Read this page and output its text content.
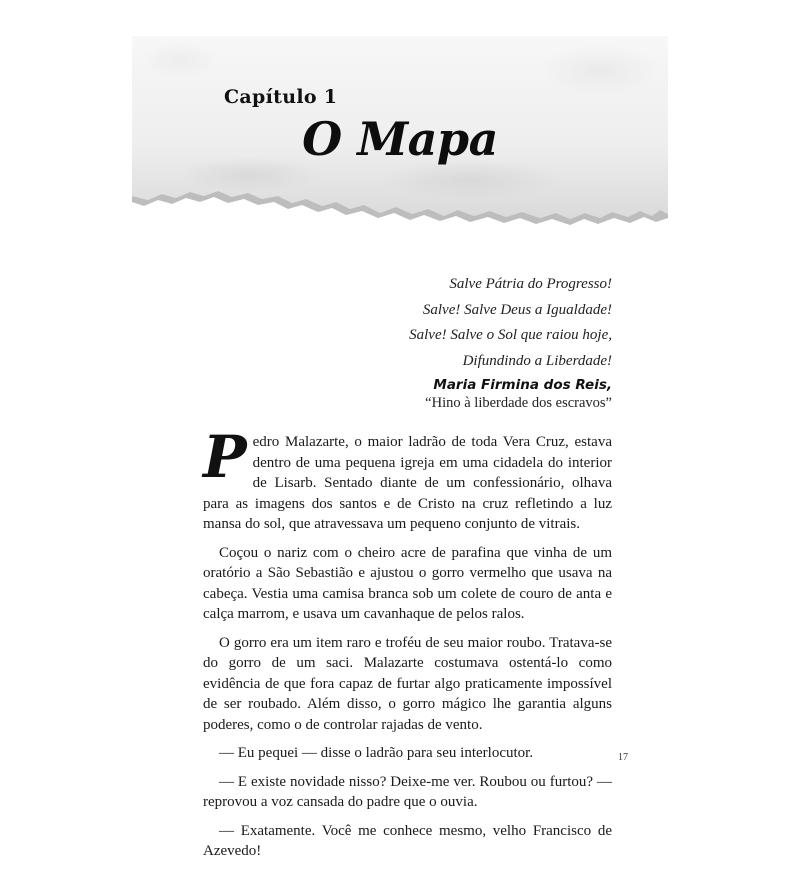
Capítulo 1
O Mapa
Salve Pátria do Progresso!
Salve! Salve Deus a Igualdade!
Salve! Salve o Sol que raiou hoje,
Difundindo a Liberdade!
Maria Firmina dos Reis,
“Hino à liberdade dos escravos”

Pedro Malazarte, o maior ladrão de toda Vera Cruz, estava dentro de uma pequena igreja em uma cidadela do interior de Lisarb. Sentado diante de um confessionário, olhava para as imagens dos santos e de Cristo na cruz refletindo a luz mansa do sol, que atravessava um pequeno conjunto de vitrais.

Coçou o nariz com o cheiro acre de parafina que vinha de um oratório a São Sebastião e ajustou o gorro vermelho que usava na cabeça. Vestia uma camisa branca sob um colete de couro de anta e calça marrom, e usava um cavanhaque de pelos ralos.

O gorro era um item raro e troféu de seu maior roubo. Tratava-se do gorro de um saci. Malazarte costumava ostentá-lo como evidência de que fora capaz de furtar algo praticamente impossível de ser roubado. Além disso, o gorro mágico lhe garantia alguns poderes, como o de controlar rajadas de vento.

— Eu pequei — disse o ladrão para seu interlocutor.

— E existe novidade nisso? Deixe-me ver. Roubou ou furtou? — reprovou a voz cansada do padre que o ouvia.

— Exatamente. Você me conhece mesmo, velho Francisco de Azevedo!

17
